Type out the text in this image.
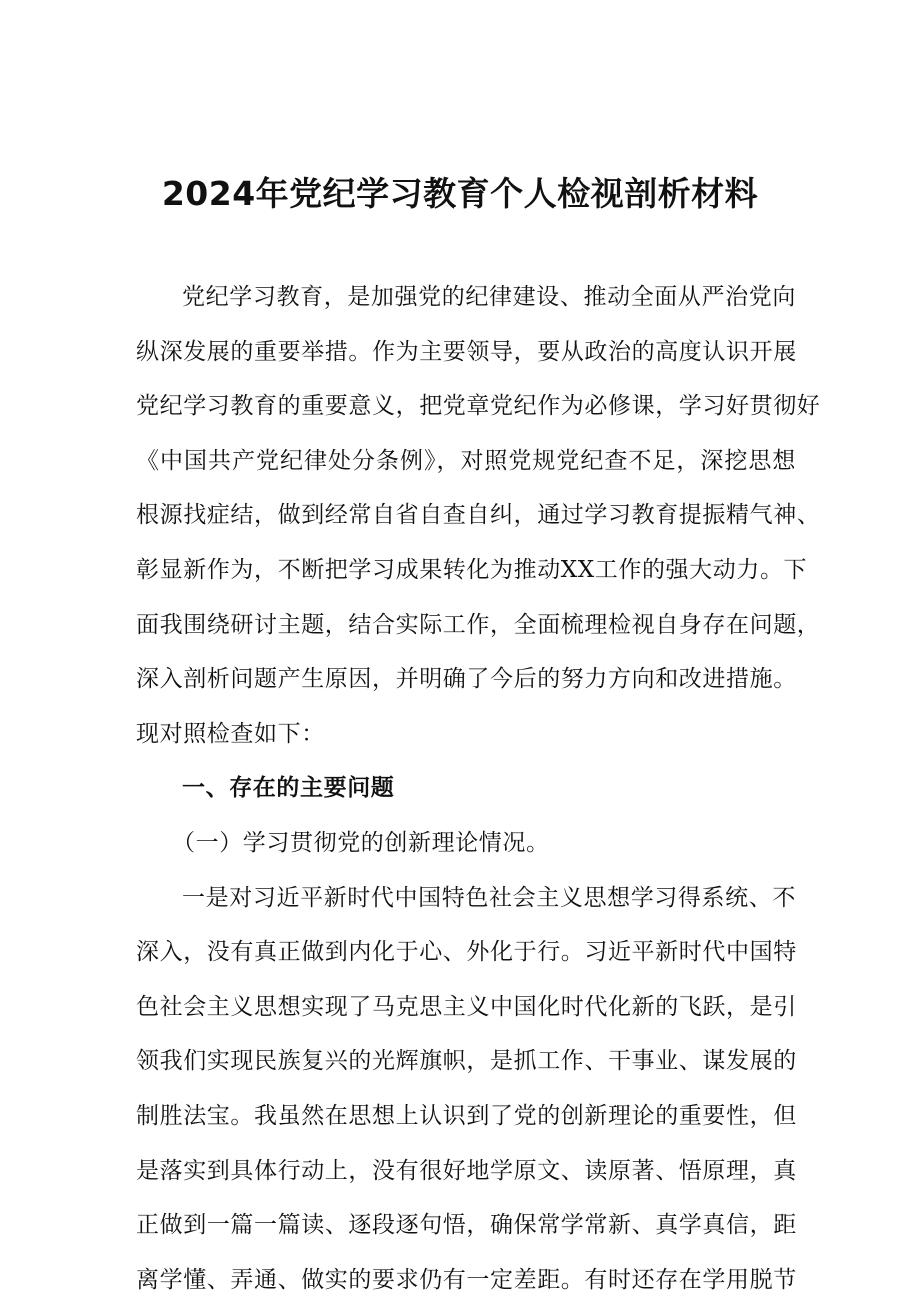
2024年党纪学习教育个人检视剖析材料
党纪学习教育，是加强党的纪律建设、推动全面从严治党向
纵深发展的重要举措。作为主要领导，要从政治的高度认识开展
党纪学习教育的重要意义，把党章党纪作为必修课，学习好贯彻好
《中国共产党纪律处分条例》，对照党规党纪查不足，深挖思想
根源找症结，做到经常自省自查自纠，通过学习教育提振精气神、
彰显新作为，不断把学习成果转化为推动XX工作的强大动力。下
面我围绕研讨主题，结合实际工作，全面梳理检视自身存在问题，
深入剖析问题产生原因，并明确了今后的努力方向和改进措施。
现对照检查如下：
一、存在的主要问题
（一）学习贯彻党的创新理论情况。
一是对习近平新时代中国特色社会主义思想学习得系统、不
深入，没有真正做到内化于心、外化于行。习近平新时代中国特
色社会主义思想实现了马克思主义中国化时代化新的飞跃，是引
领我们实现民族复兴的光辉旗帜，是抓工作、干事业、谋发展的
制胜法宝。我虽然在思想上认识到了党的创新理论的重要性，但
是落实到具体行动上，没有很好地学原文、读原著、悟原理，真
正做到一篇一篇读、逐段逐句悟，确保常学常新、真学真信，距
离学懂、弄通、做实的要求仍有一定差距。有时还存在学用脱节
